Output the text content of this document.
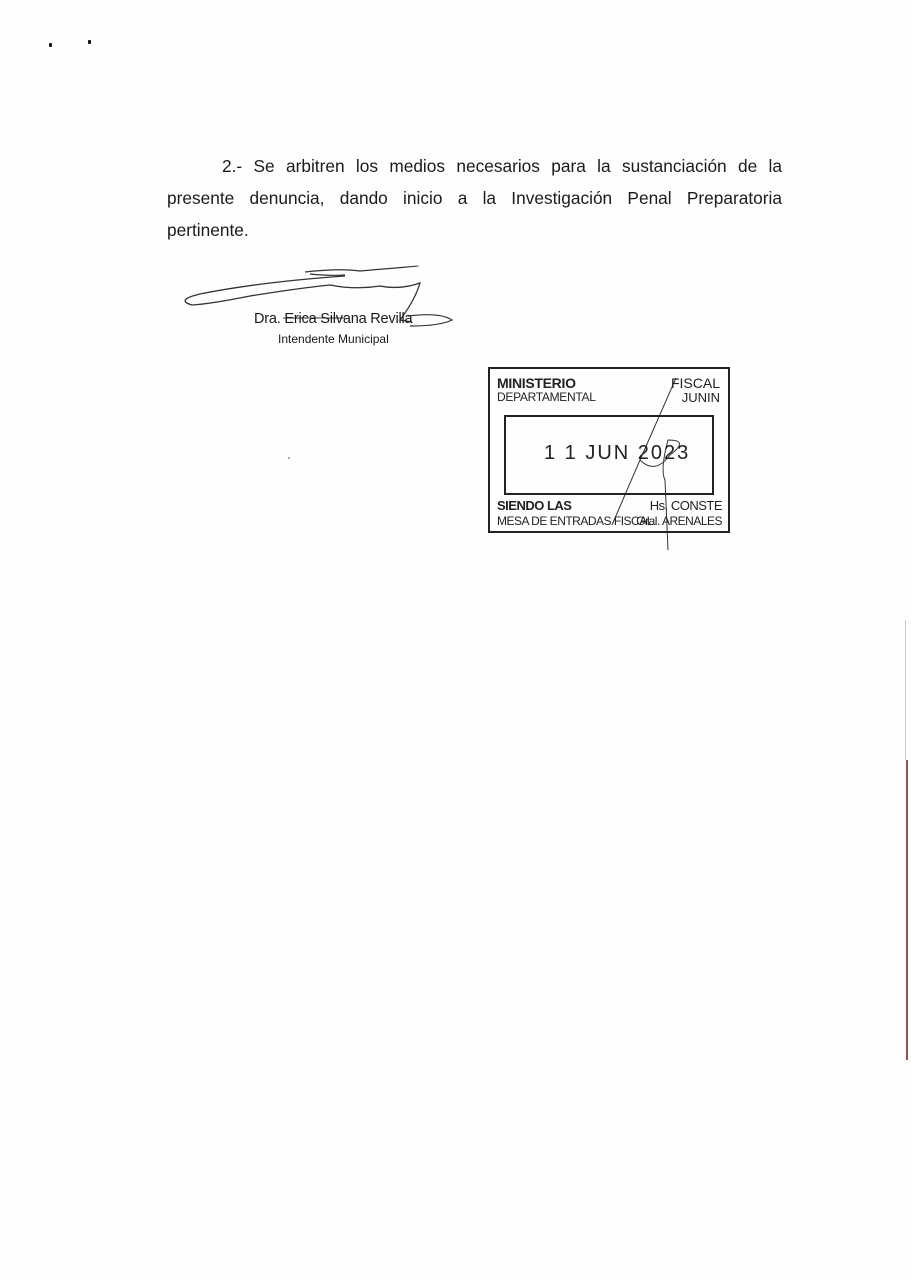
2.- Se arbitren los medios necesarios para la sustanciación de la
presente denuncia, dando inicio a la Investigación Penal Preparatoria
pertinente.
Dra. Erica Silvana Revilla
Intendente Municipal
MINISTERIO	FISCAL
DEPARTAMENTAL	JUNIN
1 1 JUN 2023
SIENDO LAS	Hs. CONSTE
MESA DE ENTRADAS FISCAL
Gral. ARENALES
